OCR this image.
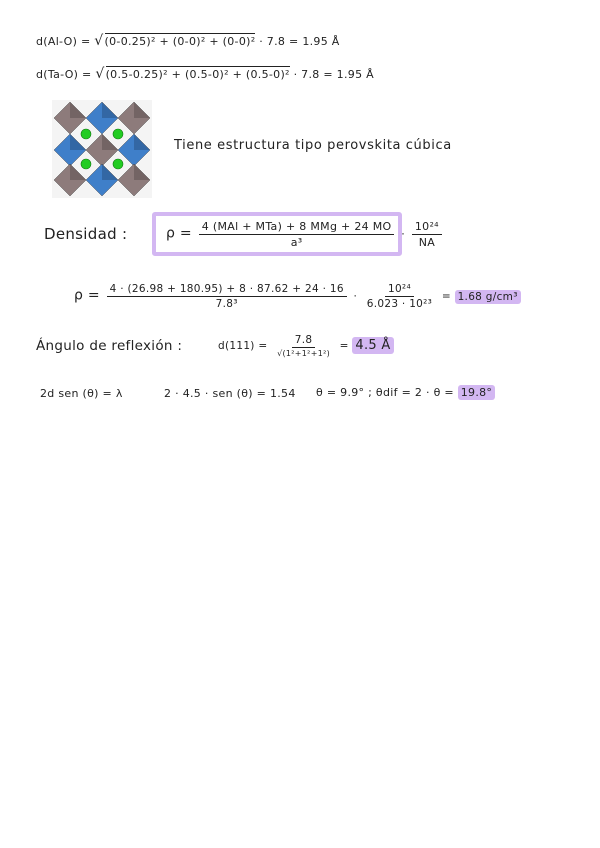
d(Al-O) = √(0-0.25)² + (0-0)² + (0-0)² · 7.8 = 1.95 Å
d(Ta-O) = √(0.5-0.25)² + (0.5-0)² + (0.5-0)² · 7.8 = 1.95 Å
Tiene estructura tipo perovskita cúbica
Densidad :	$\rho = \frac{\text{4 (MAl + MTa) + 8 MMg + 24 MO}}{\text{a³}} \cdot \frac{\text{10²⁴}}{NA}$
$\rho = \frac{4 \cdot (26.98 + 180.95) + 8 \cdot 87.62 + 24 \cdot 16}{\text{7.8³}} \cdot \frac{\text{10²⁴}}{\text{6.023 · 10²³}} = 1.68$ g/cm³
Ángulo de reflexión :	$d(111) = \frac{7.8}{\text{√(1²+1²+1²)}} = 4.5$ Å
2d sen (θ) = λ	2 · 4.5 · sen (θ) = 1.54 θ = 9.9° ; θdif = 2 · θ = 19.8°
